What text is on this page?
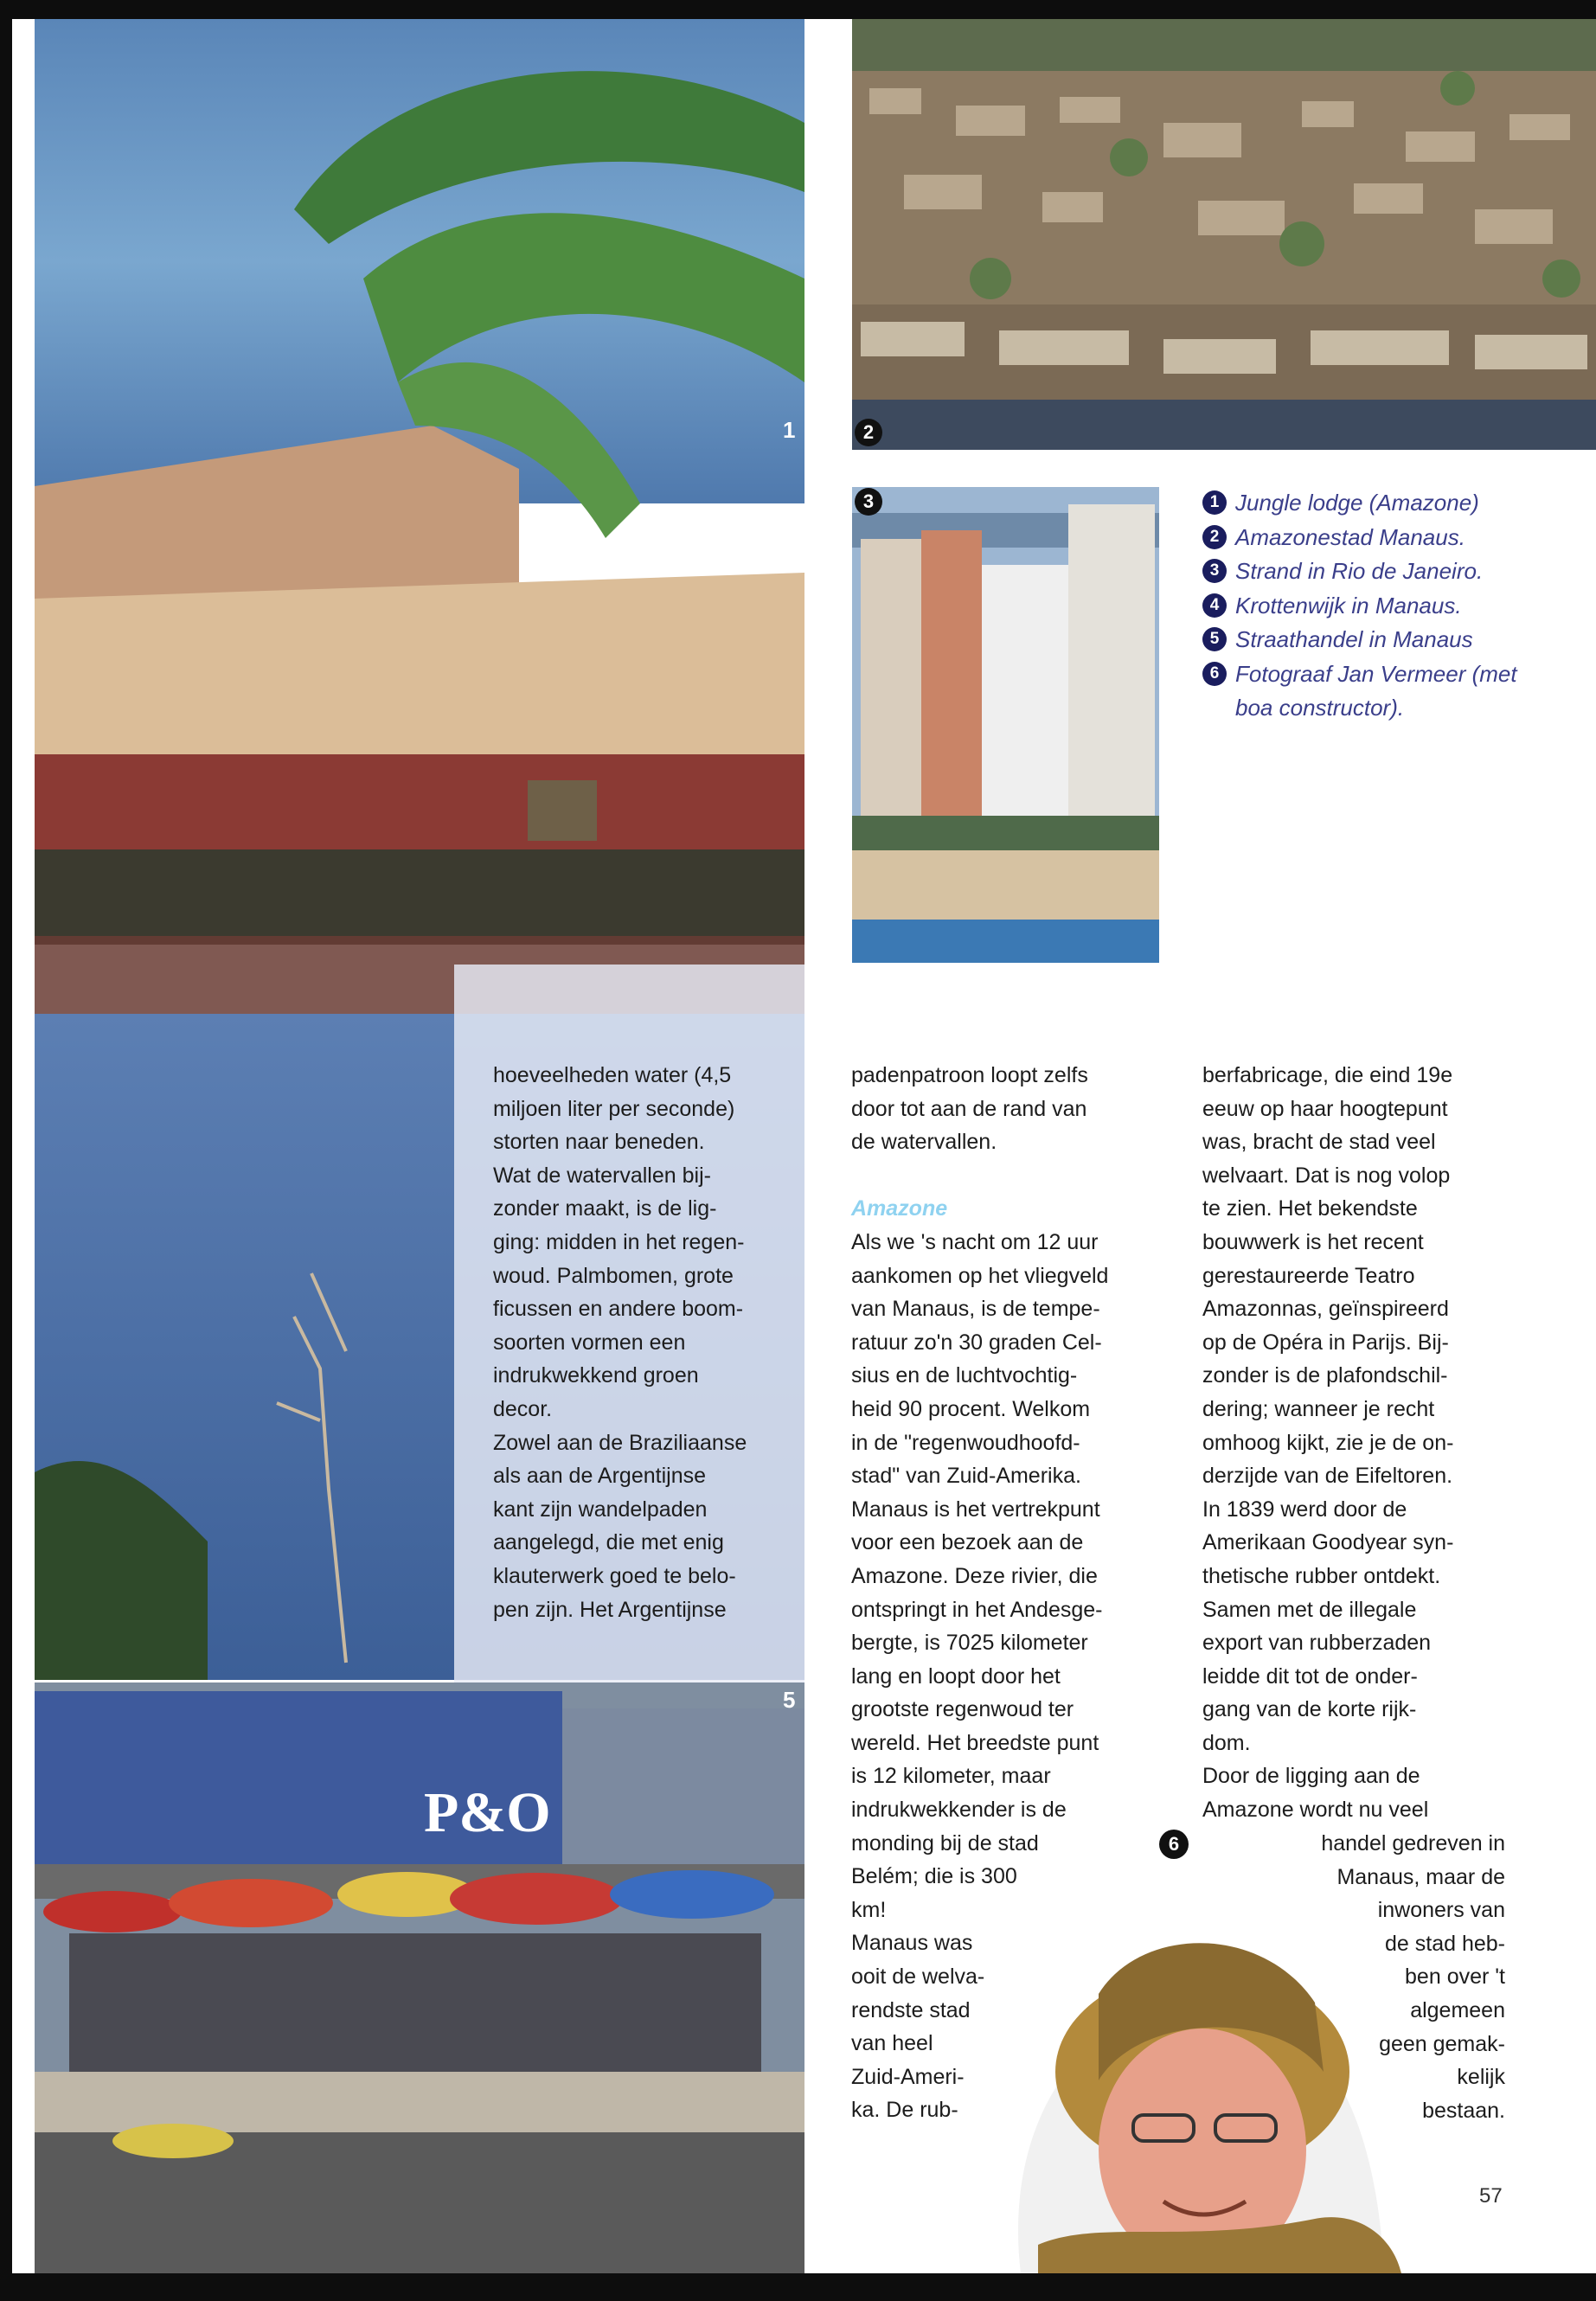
1	2
3
5
P&O

hoeveelheden water (4,5

miljoen liter per seconde)

storten naar beneden.

Wat de watervallen bij-

zonder maakt, is de lig-

ging: midden in het regen-

woud. Palmbomen, grote

ficussen en andere boom-

soorten vormen een

indrukwekkend groen

decor.

Zowel aan de Braziliaanse

als aan de Argentijnse

kant zijn wandelpaden

aangelegd, die met enig

klauterwerk goed te belo-

pen zijn. Het Argentijnse

padenpatroon loopt zelfs

door tot aan de rand van

de watervallen.

Amazone

Als we 's nacht om 12 uur

aankomen op het vliegveld

van Manaus, is de tempe-

ratuur zo'n 30 graden Cel-

sius en de luchtvochtig-

heid 90 procent. Welkom

in de "regenwoudhoofd-

stad" van Zuid-Amerika.

Manaus is het vertrekpunt

voor een bezoek aan de

Amazone. Deze rivier, die

ontspringt in het Andesge-

bergte, is 7025 kilometer

lang en loopt door het

grootste regenwoud ter

wereld. Het breedste punt

is 12 kilometer, maar

indrukwekkender is de

monding bij de stad

Belém; die is 300

km!

Manaus was

ooit de welva-

rendste stad

van heel

Zuid-Ameri-

ka. De rub-

berfabricage, die eind 19e

eeuw op haar hoogtepunt

was, bracht de stad veel

welvaart. Dat is nog volop

te zien. Het bekendste

bouwwerk is het recent

gerestaureerde Teatro

Amazonnas, geïnspireerd

op de Opéra in Parijs. Bij-

zonder is de plafondschil-

dering; wanneer je recht

omhoog kijkt, zie je de on-

derzijde van de Eifeltoren.

In 1839 werd door de

Amerikaan Goodyear syn-

thetische rubber ontdekt.

Samen met de illegale

export van rubberzaden

leidde dit tot de onder-

gang van de korte rijk-

dom.

Door de ligging aan de

Amazone wordt nu veel

handel gedreven in

Manaus, maar de

inwoners van

de stad heb-

ben over 't

algemeen

geen gemak-

kelijk

bestaan.

6
1 Jungle lodge (Amazone)
2 Amazonestad Manaus.
3 Strand in Rio de Janeiro.
4 Krottenwijk in Manaus.
5 Straathandel in Manaus
6 Fotograaf Jan Vermeer (met boa constructor).
57
